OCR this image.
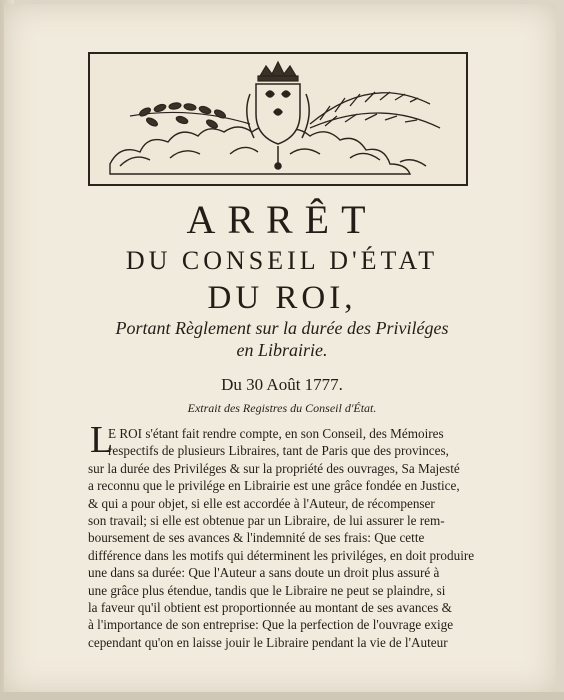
ARRÊT
DU CONSEIL D'ÉTAT
DU ROI,
Portant Règlement sur la durée des Priviléges
en Librairie.
Du 30 Août 1777.
Extrait des Registres du Conseil d'État.
L
E ROI s'étant fait rendre compte, en son Conseil, des Mémoires
respectifs de plusieurs Libraires, tant de Paris que des provinces,
sur la durée des Priviléges & sur la propriété des ouvrages, Sa Majesté
a reconnu que le privilége en Librairie est une grâce fondée en Justice,
& qui a pour objet, si elle est accordée à l'Auteur, de récompenser
son travail; si elle est obtenue par un Libraire, de lui assurer le rem-
boursement de ses avances & l'indemnité de ses frais: Que cette
différence dans les motifs qui déterminent les priviléges, en doit produire
une dans sa durée: Que l'Auteur a sans doute un droit plus assuré à
une grâce plus étendue, tandis que le Libraire ne peut se plaindre, si
la faveur qu'il obtient est proportionnée au montant de ses avances &
à l'importance de son entreprise: Que la perfection de l'ouvrage exige
cependant qu'on en laisse jouir le Libraire pendant la vie de l'Auteur
